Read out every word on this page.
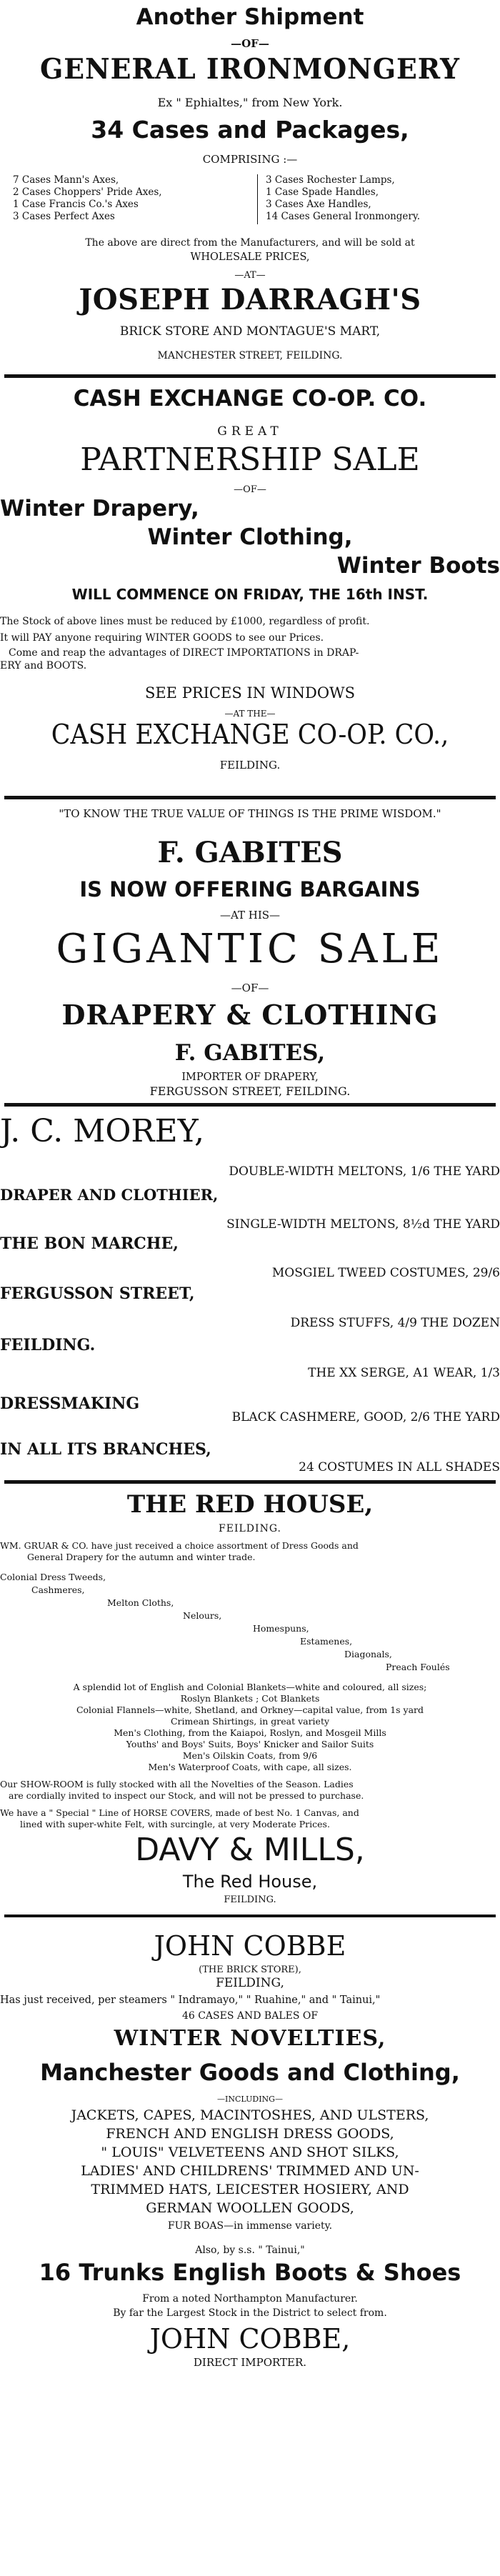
Another Shipment
—OF—
GENERAL IRONMONGERY
Ex " Ephialtes," from New York.
34 Cases and Packages,
COMPRISING :—
7 Cases Mann's Axes,
2 Cases Choppers' Pride Axes,
1 Case Francis Co.'s Axes
3 Cases Perfect Axes
3 Cases Rochester Lamps,
1 Case Spade Handles,
3 Cases Axe Handles,
14 Cases General Ironmongery.
The above are direct from the Manufacturers, and will be sold at
WHOLESALE PRICES,
—AT—
JOSEPH DARRAGH'S
BRICK STORE AND MONTAGUE'S MART,
MANCHESTER STREET, FEILDING.
CASH EXCHANGE CO-OP. CO.
GREAT
PARTNERSHIP SALE
—OF—
Winter Drapery,
Winter Clothing,
Winter Boots
WILL COMMENCE ON FRIDAY, THE 16th INST.
The Stock of above lines must be reduced by £1000, regardless of profit.
It will PAY anyone requiring WINTER GOODS to see our Prices.
Come and reap the advantages of DIRECT IMPORTATIONS in DRAP-
ERY and BOOTS.
SEE PRICES IN WINDOWS
—AT THE—
CASH EXCHANGE CO-OP. CO.,
FEILDING.
"TO KNOW THE TRUE VALUE OF THINGS IS THE PRIME WISDOM."
F. GABITES
IS NOW OFFERING BARGAINS
—AT HIS—
GIGANTIC SALE
—OF—
DRAPERY & CLOTHING
F. GABITES,
IMPORTER OF DRAPERY,
FERGUSSON STREET, FEILDING.
J. C. MOREY,
DOUBLE-WIDTH MELTONS, 1/6 THE YARD
DRAPER AND CLOTHIER,
SINGLE-WIDTH MELTONS, 8½d THE YARD
THE BON MARCHE,
MOSGIEL TWEED COSTUMES, 29/6
FERGUSSON STREET,
DRESS STUFFS, 4/9 THE DOZEN
FEILDING.
THE XX SERGE, A1 WEAR, 1/3
DRESSMAKING
BLACK CASHMERE, GOOD, 2/6 THE YARD
IN ALL ITS BRANCHES,
24 COSTUMES IN ALL SHADES
THE RED HOUSE,
FEILDING.
WM. GRUAR & CO. have just received a choice assortment of Dress Goods and
General Drapery for the autumn and winter trade.
Colonial Dress Tweeds,
Cashmeres,
Melton Cloths,
Nelours,
Homespuns,
Estamenes,
Diagonals,
Preach Foulés
A splendid lot of English and Colonial Blankets—white and coloured, all sizes;
Roslyn Blankets ; Cot Blankets
Colonial Flannels—white, Shetland, and Orkney—capital value, from 1s yard
Crimean Shirtings, in great variety
Men's Clothing, from the Kaiapoi, Roslyn, and Mosgeil Mills
Youths' and Boys' Suits, Boys' Knicker and Sailor Suits
Men's Oilskin Coats, from 9/6
Men's Waterproof Coats, with cape, all sizes.
Our SHOW-ROOM is fully stocked with all the Novelties of the Season. Ladies
are cordially invited to inspect our Stock, and will not be pressed to purchase.
We have a " Special " Line of HORSE COVERS, made of best No. 1 Canvas, and
lined with super-white Felt, with surcingle, at very Moderate Prices.
DAVY & MILLS,
The Red House,
FEILDING.
JOHN COBBE
(THE BRICK STORE),
FEILDING,
Has just received, per steamers " Indramayo," " Ruahine," and " Tainui,"
46 CASES AND BALES OF
WINTER NOVELTIES,
Manchester Goods and Clothing,
—INCLUDING—
JACKETS, CAPES, MACINTOSHES, AND ULSTERS,
FRENCH AND ENGLISH DRESS GOODS,
" LOUIS" VELVETEENS AND SHOT SILKS,
LADIES' AND CHILDRENS' TRIMMED AND UN-
TRIMMED HATS, LEICESTER HOSIERY, AND
GERMAN WOOLLEN GOODS,
FUR BOAS—in immense variety.
Also, by s.s. " Tainui,"
16 Trunks English Boots & Shoes
From a noted Northampton Manufacturer.
By far the Largest Stock in the District to select from.
JOHN COBBE,
DIRECT IMPORTER.
